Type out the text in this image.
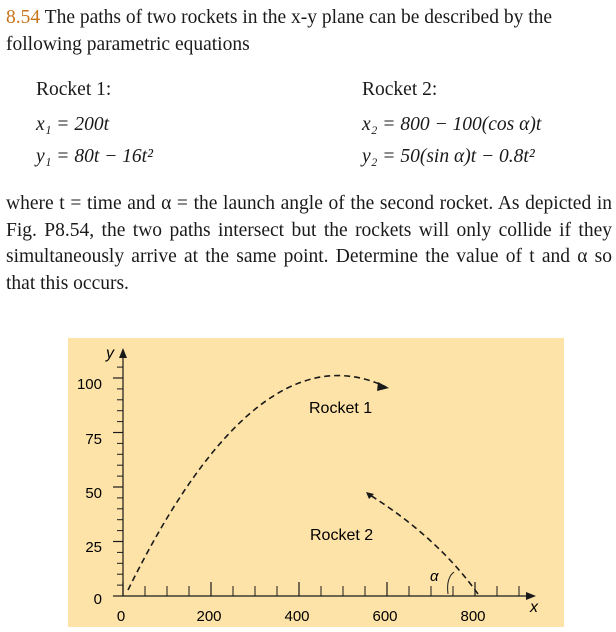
8.54 The paths of two rockets in the x-y plane can be described by the following parametric equations
Rocket 1:	Rocket 2:
x₁ = 200t	x₂ = 800 − 100(cos α)t
y₁ = 80t − 16t²	y₂ = 50(sin α)t − 0.8t²
where t = time and α = the launch angle of the second rocket. As depicted in Fig. P8.54, the two paths intersect but the rockets will only collide if they simultaneously arrive at the same point. Determine the value of t and α so that this occurs.
y
x
100
75
50
25
0
0	200	400	600	800
Rocket 1
Rocket 2
α
